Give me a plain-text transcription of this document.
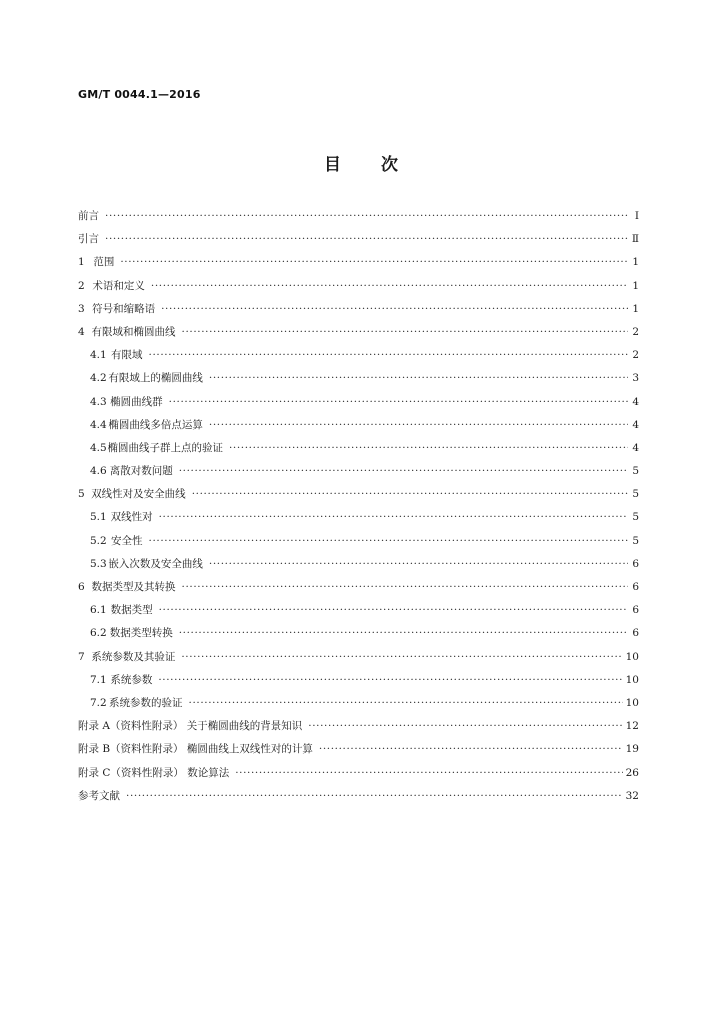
GM/T 0044.1—2016
目 次
前言 ·····	Ⅰ
引言 ·····	Ⅱ
1 范围 ·····	1
2 术语和定义 ·····	1
3 符号和缩略语 ·····	1
4 有限域和椭圆曲线 ·····	2
4.1 有限域 ·····	2
4.2 有限域上的椭圆曲线 ·····	3
4.3 椭圆曲线群 ·····	4
4.4 椭圆曲线多倍点运算 ·····	4
4.5 椭圆曲线子群上点的验证 ·····	4
4.6 离散对数问题 ·····	5
5 双线性对及安全曲线 ·····	5
5.1 双线性对 ·····	5
5.2 安全性 ·····	5
5.3 嵌入次数及安全曲线 ·····	6
6 数据类型及其转换 ·····	6
6.1 数据类型 ·····	6
6.2 数据类型转换 ·····	6
7 系统参数及其验证 ·····	10
7.1 系统参数 ·····	10
7.2 系统参数的验证 ·····	10
附录 A（资料性附录） 关于椭圆曲线的背景知识 ·····	12
附录 B（资料性附录） 椭圆曲线上双线性对的计算 ·····	19
附录 C（资料性附录） 数论算法 ·····	26
参考文献 ·····	32
